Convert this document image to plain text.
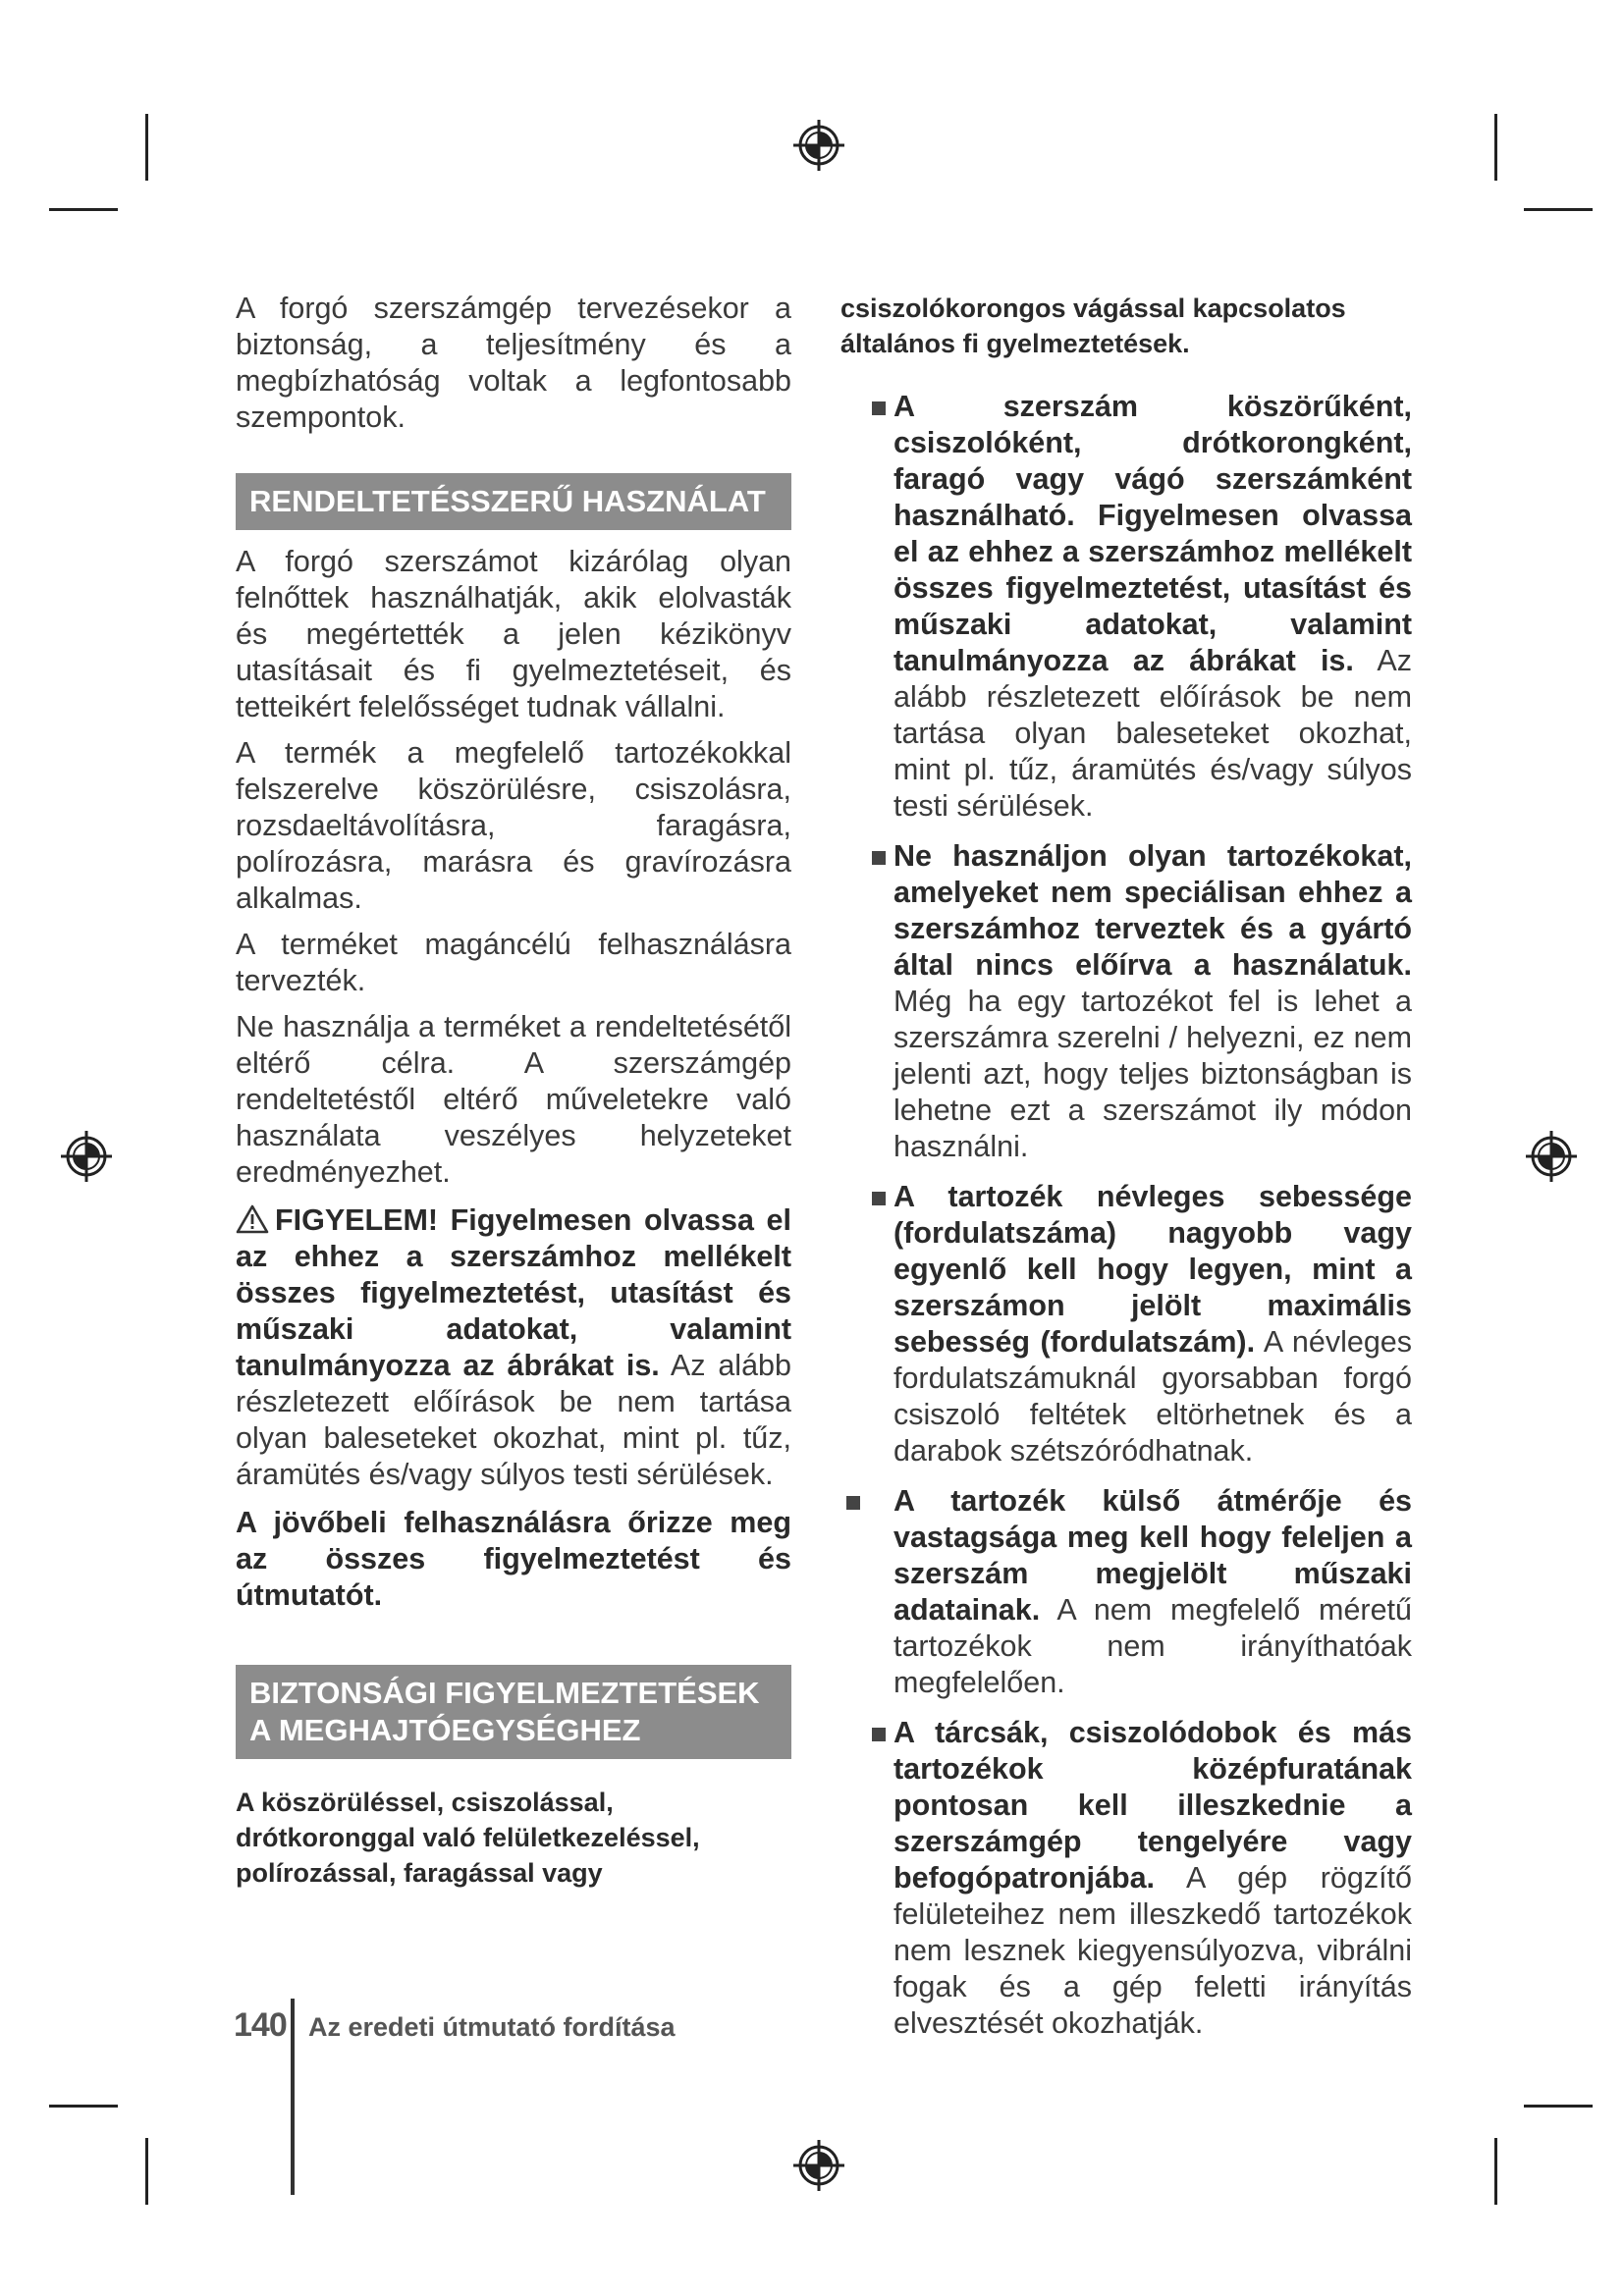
A forgó szerszámgép tervezésekor a biztonság, a teljesítmény és a megbízhatóság voltak a legfontosabb szempontok.

RENDELTETÉSSZERŰ HASZNÁLAT

A forgó szerszámot kizárólag olyan felnőttek használhatják, akik elolvasták és megértették a jelen kézikönyv utasításait és fi gyelmeztetéseit, és tetteikért felelősséget tudnak vállalni.

A termék a megfelelő tartozékokkal felszerelve köszörülésre, csiszolásra, rozsdaeltávolításra, faragásra, polírozásra, marásra és gravírozásra alkalmas.

A terméket magáncélú felhasználásra tervezték.

Ne használja a terméket a rendeltetésétől eltérő célra. A szerszámgép rendeltetéstől eltérő műveletekre való használata veszélyes helyzeteket eredményezhet.

FIGYELEM! Figyelmesen olvassa el az ehhez a szerszámhoz mellékelt összes figyelmeztetést, utasítást és műszaki adatokat, valamint tanulmányozza az ábrákat is. Az alább részletezett előírások be nem tartása olyan baleseteket okozhat, mint pl. tűz, áramütés és/vagy súlyos testi sérülések.

A jövőbeli felhasználásra őrizze meg az összes figyelmeztetést és útmutatót.

BIZTONSÁGI FIGYELMEZTETÉSEK
A MEGHAJTÓEGYSÉGHEZ

A köszörüléssel, csiszolással, drótkoronggal való felületkezeléssel, polírozással, faragással vagy

csiszolókorongos vágással kapcsolatos általános fi gyelmeztetések.

A szerszám köszörűként, csiszolóként, drótkorongként, faragó vagy vágó szerszámként használható. Figyelmesen olvassa el az ehhez a szerszámhoz mellékelt összes figyelmeztetést, utasítást és műszaki adatokat, valamint tanulmányozza az ábrákat is. Az alább részletezett előírások be nem tartása olyan baleseteket okozhat, mint pl. tűz, áramütés és/vagy súlyos testi sérülések.
Ne használjon olyan tartozékokat, amelyeket nem speciálisan ehhez a szerszámhoz terveztek és a gyártó által nincs előírva a használatuk. Még ha egy tartozékot fel is lehet a szerszámra szerelni / helyezni, ez nem jelenti azt, hogy teljes biztonságban is lehetne ezt a szerszámot ily módon használni.
A tartozék névleges sebessége (fordulatszáma) nagyobb vagy egyenlő kell hogy legyen, mint a szerszámon jelölt maximális sebesség (fordulatszám). A névleges fordulatszámuknál gyorsabban forgó csiszoló feltétek eltörhetnek és a darabok szétszóródhatnak.
A tartozék külső átmérője és vastagsága meg kell hogy feleljen a szerszám megjelölt műszaki adatainak. A nem megfelelő méretű tartozékok nem irányíthatóak megfelelően.
A tárcsák, csiszolódobok és más tartozékok középfuratának pontosan kell illeszkednie a szerszámgép tengelyére vagy befogópatronjába. A gép rögzítő felületeihez nem illeszkedő tartozékok nem lesznek kiegyensúlyozva, vibrálni fogak és a gép feletti irányítás elvesztését okozhatják.
140 Az eredeti útmutató fordítása
